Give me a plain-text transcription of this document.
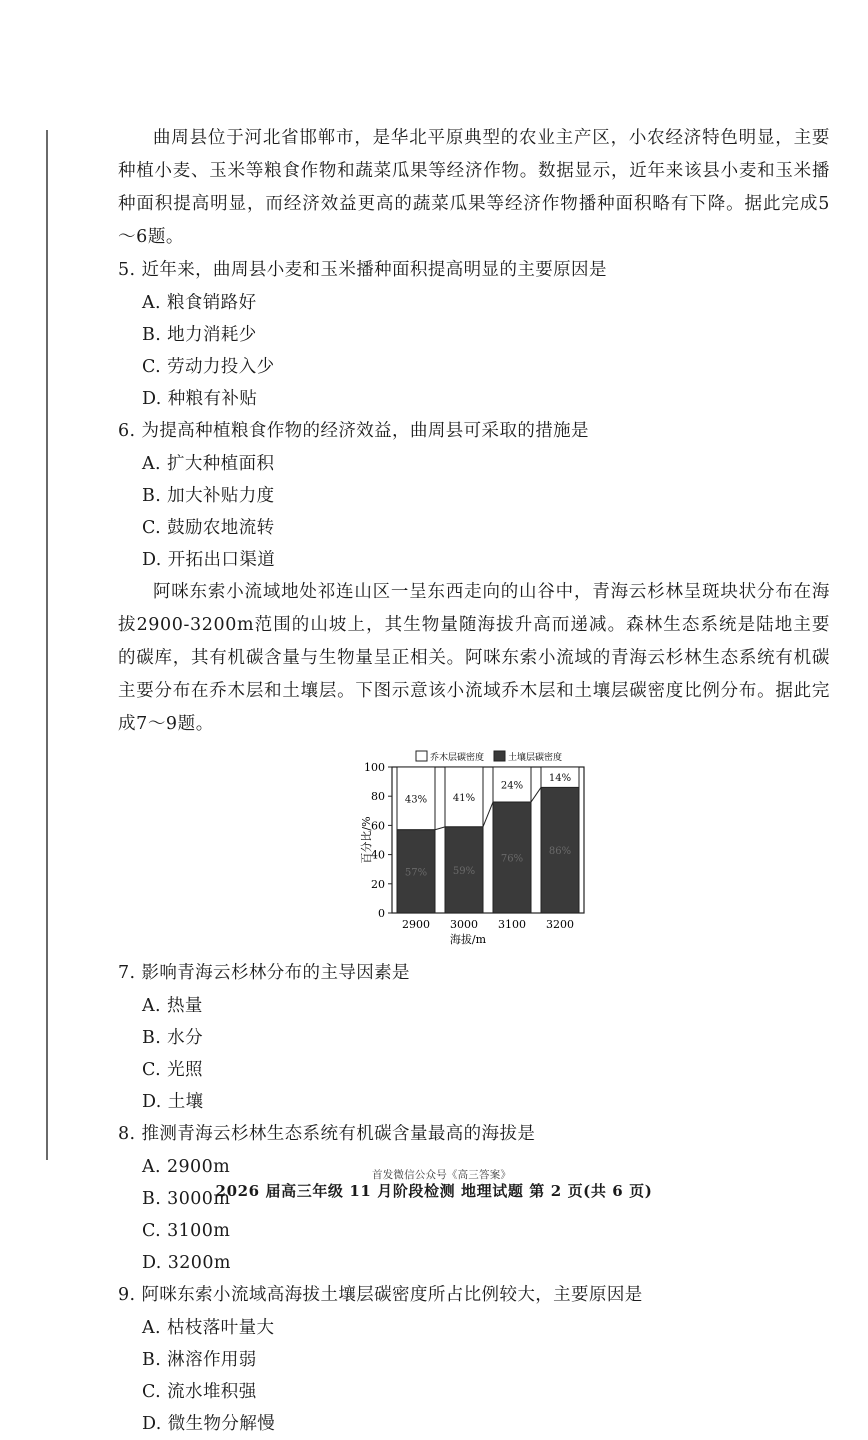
曲周县位于河北省邯郸市，是华北平原典型的农业主产区，小农经济特色明显，主要种植小麦、玉米等粮食作物和蔬菜瓜果等经济作物。数据显示，近年来该县小麦和玉米播种面积提高明显，而经济效益更高的蔬菜瓜果等经济作物播种面积略有下降。据此完成5～6题。

5. 近年来，曲周县小麦和玉米播种面积提高明显的主要原因是

A. 粮食销路好
B. 地力消耗少
C. 劳动力投入少
D. 种粮有补贴

6. 为提高种植粮食作物的经济效益，曲周县可采取的措施是

A. 扩大种植面积
B. 加大补贴力度
C. 鼓励农地流转
D. 开拓出口渠道

阿咪东索小流域地处祁连山区一呈东西走向的山谷中，青海云杉林呈斑块状分布在海拔2900-3200m范围的山坡上，其生物量随海拔升高而递减。森林生态系统是陆地主要的碳库，其有机碳含量与生物量呈正相关。阿咪东索小流域的青海云杉林生态系统有机碳主要分布在乔木层和土壤层。下图示意该小流域乔木层和土壤层碳密度比例分布。据此完成7～9题。

乔木层碳密度	土壤层碳密度
0
20
40
60
80
100
百分比/%
43%
57%
2900
41%
59%
3000
24%
76%
3100
14%
86%
3200
海拔/m

7. 影响青海云杉林分布的主导因素是

A. 热量
B. 水分
C. 光照
D. 土壤

8. 推测青海云杉林生态系统有机碳含量最高的海拔是

A. 2900m	首发微信公众号《高三答案》
B. 3000m
C. 3100m
D. 3200m

9. 阿咪东索小流域高海拔土壤层碳密度所占比例较大，主要原因是

A. 枯枝落叶量大
B. 淋溶作用弱
C. 流水堆积强
D. 微生物分解慢
2026 届高三年级 11 月阶段检测 地理试题 第 2 页(共 6 页)
